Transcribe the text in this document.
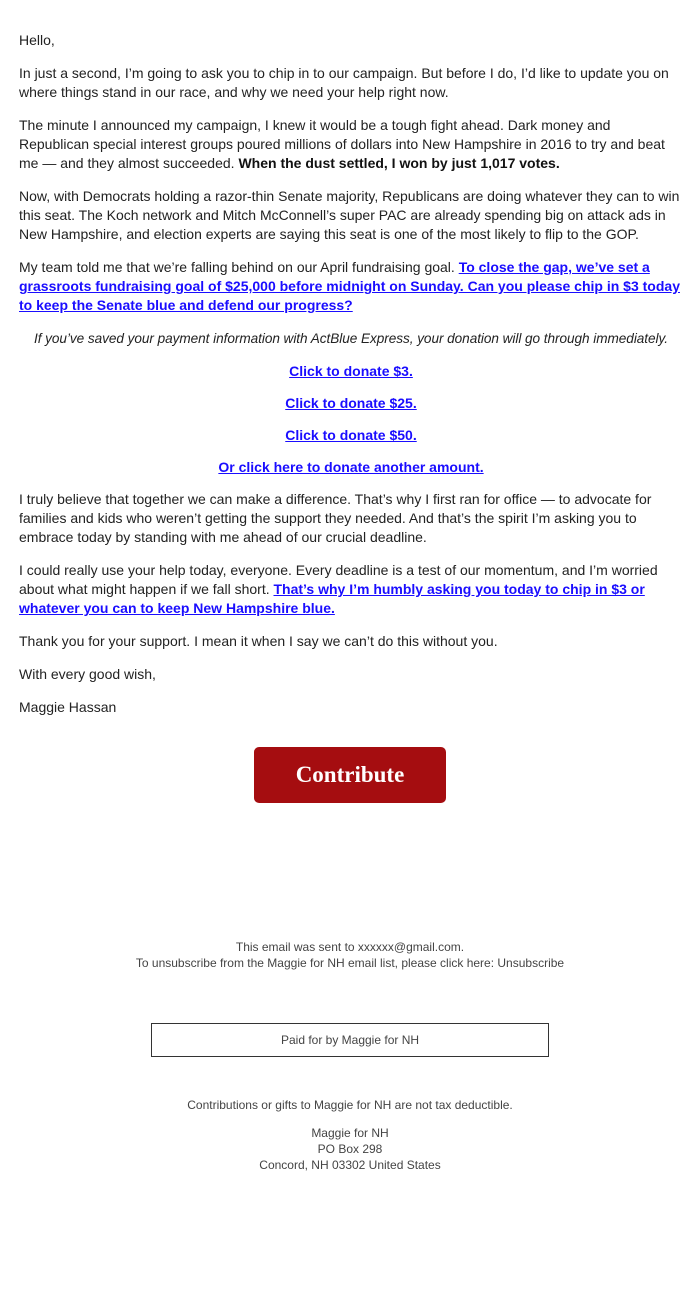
Hello,

In just a second, I’m going to ask you to chip in to our campaign. But before I do, I’d like to update you on where things stand in our race, and why we need your help right now.

The minute I announced my campaign, I knew it would be a tough fight ahead. Dark money and Republican special interest groups poured millions of dollars into New Hampshire in 2016 to try and beat me — and they almost succeeded. When the dust settled, I won by just 1,017 votes.

Now, with Democrats holding a razor-thin Senate majority, Republicans are doing whatever they can to win this seat. The Koch network and Mitch McConnell’s super PAC are already spending big on attack ads in New Hampshire, and election experts are saying this seat is one of the most likely to flip to the GOP.

My team told me that we’re falling behind on our April fundraising goal. To close the gap, we’ve set a grassroots fundraising goal of $25,000 before midnight on Sunday. Can you please chip in $3 today to keep the Senate blue and defend our progress?

If you’ve saved your payment information with ActBlue Express, your donation will go through immediately.

Click to donate $3.

Click to donate $25.

Click to donate $50.

Or click here to donate another amount.

I truly believe that together we can make a difference. That’s why I first ran for office — to advocate for families and kids who weren’t getting the support they needed. And that’s the spirit I’m asking you to embrace today by standing with me ahead of our crucial deadline.

I could really use your help today, everyone. Every deadline is a test of our momentum, and I’m worried about what might happen if we fall short. That’s why I’m humbly asking you today to chip in $3 or whatever you can to keep New Hampshire blue.

Thank you for your support. I mean it when I say we can’t do this without you.

With every good wish,

Maggie Hassan

Contribute
This email was sent to xxxxxx@gmail.com.
To unsubscribe from the Maggie for NH email list, please click here: Unsubscribe
Paid for by Maggie for NH
Contributions or gifts to Maggie for NH are not tax deductible.
Maggie for NH
PO Box 298
Concord, NH 03302 United States
